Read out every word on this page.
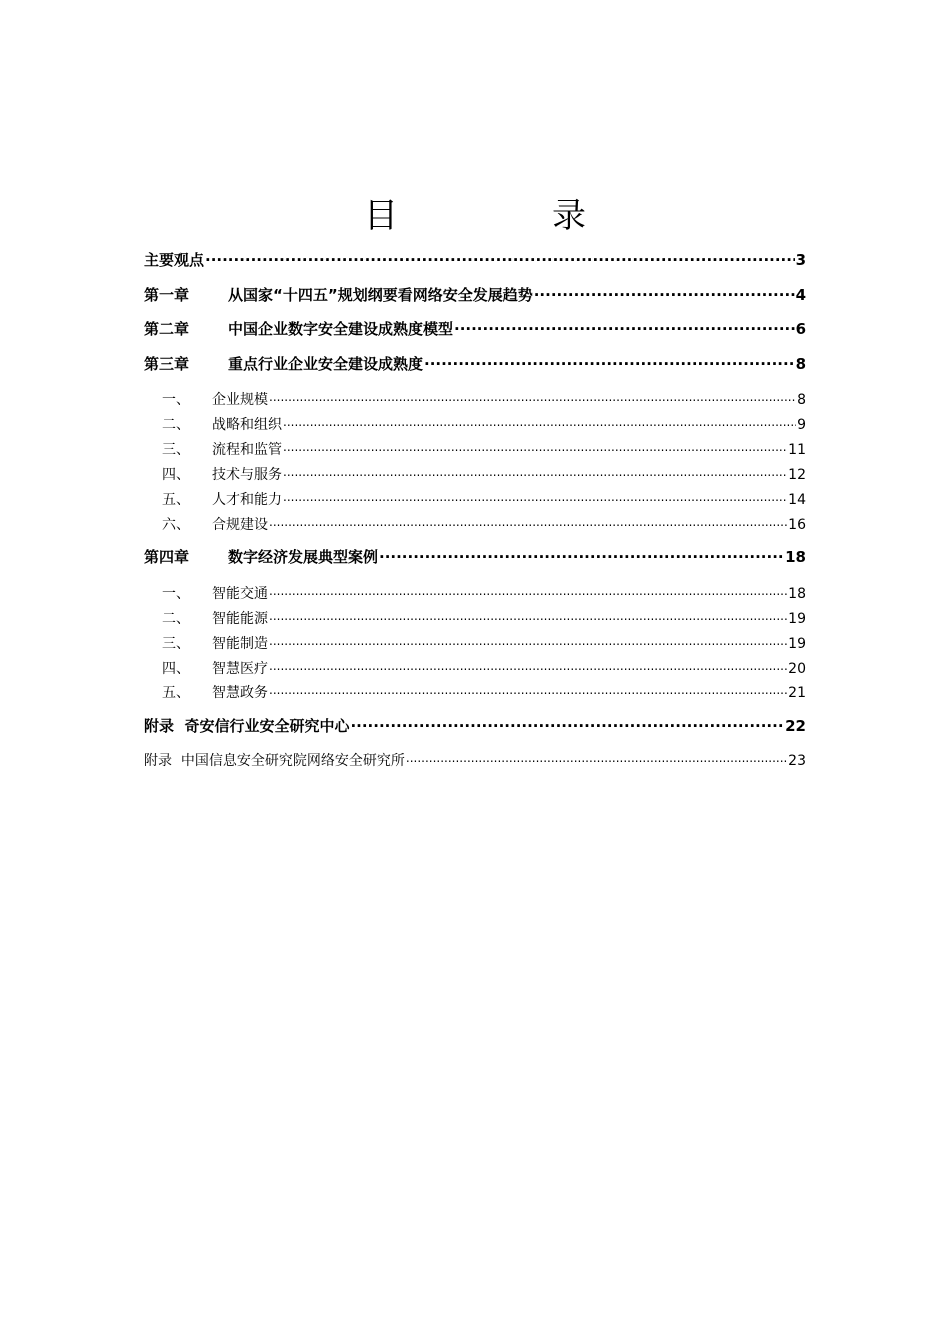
目　录
主要观点 .....	3
第一章	从国家“十四五”规划纲要看网络安全发展趋势 .....	4
第二章	中国企业数字安全建设成熟度模型 .....	6
第三章	重点行业企业安全建设成熟度 .....	8
一、	企业规模 .....	8
二、	战略和组织 .....	9
三、	流程和监管 .....	11
四、	技术与服务 .....	12
五、	人才和能力 .....	14
六、	合规建设 .....	16
第四章	数字经济发展典型案例 .....	18
一、	智能交通 .....	18
二、	智能能源 .....	19
三、	智能制造 .....	19
四、	智慧医疗 .....	20
五、	智慧政务 .....	21
附录  奇安信行业安全研究中心 .....	22
附录  中国信息安全研究院网络安全研究所 .....	23
